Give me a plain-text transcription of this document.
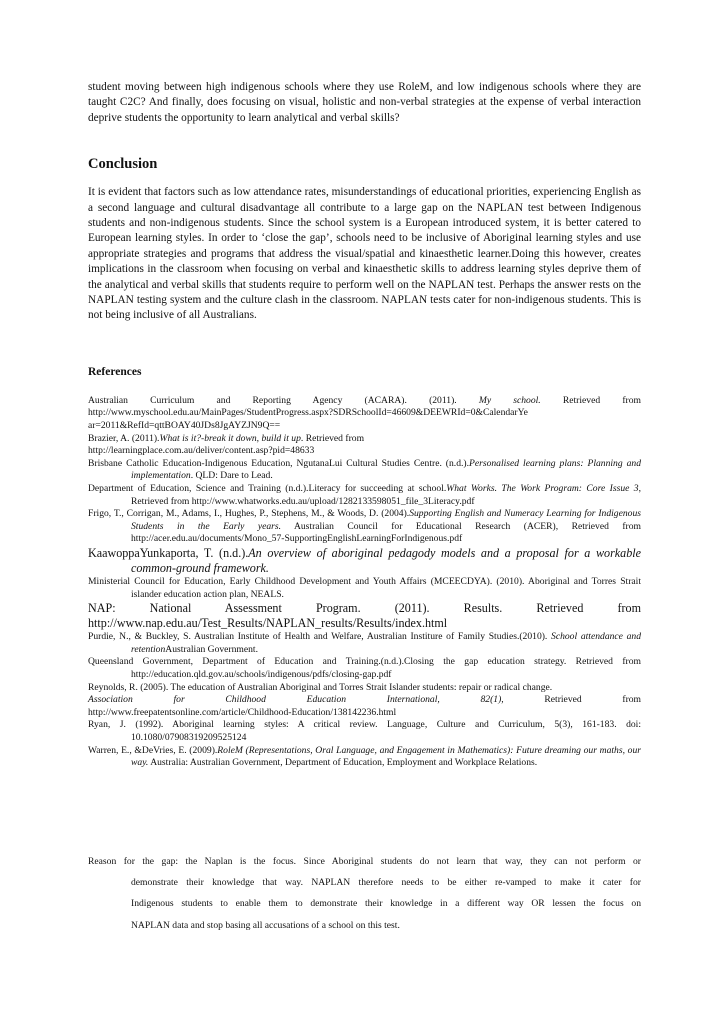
student moving between high indigenous schools where they use RoleM, and low indigenous schools where they are taught C2C? And finally, does focusing on visual, holistic and non-verbal strategies at the expense of verbal interaction deprive students the opportunity to learn analytical and verbal skills?

Conclusion

It is evident that factors such as low attendance rates, misunderstandings of educational priorities, experiencing English as a second language and cultural disadvantage all contribute to a large gap on the NAPLAN test between Indigenous students and non-indigenous students. Since the school system is a European introduced system, it is better catered to European learning styles. In order to ‘close the gap’, schools need to be inclusive of Aboriginal learning styles and use appropriate strategies and programs that address the visual/spatial and kinaesthetic learner.Doing this however, creates implications in the classroom when focusing on verbal and kinaesthetic skills to address learning styles deprive them of the analytical and verbal skills that students require to perform well on the NAPLAN test. Perhaps the answer rests on the NAPLAN testing system and the culture clash in the classroom. NAPLAN tests cater for non-indigenous students. This is not being inclusive of all Australians.

References

Australian Curriculum and Reporting Agency (ACARA). (2011). My school. Retrieved from
http://www.myschool.edu.au/MainPages/StudentProgress.aspx?SDRSchoolId=46609&DEEWRId=0&CalendarYe
ar=2011&RefId=qttBOAY40JDs8JgAYZJN9Q==
Brazier, A. (2011).What is it?-break it down, build it up. Retrieved from
http://learningplace.com.au/deliver/content.asp?pid=48633
Brisbane Catholic Education-Indigenous Education, NgutanaLui Cultural Studies Centre. (n.d.).Personalised learning plans: Planning and implementation. QLD: Dare to Lead.
Department of Education, Science and Training (n.d.).Literacy for succeeding at school.What Works. The Work Program: Core Issue 3, Retrieved from http://www.whatworks.edu.au/upload/1282133598051_file_3Literacy.pdf
Frigo, T., Corrigan, M., Adams, I., Hughes, P., Stephens, M., & Woods, D. (2004).Supporting English and Numeracy Learning for Indigenous Students in the Early years. Australian Council for Educational Research (ACER), Retrieved from http://acer.edu.au/documents/Mono_57-SupportingEnglishLearningForIndigenous.pdf
KaawoppaYunkaporta, T. (n.d.).An overview of aboriginal pedagody models and a proposal for a workable common-ground framework.
Ministerial Council for Education, Early Childhood Development and Youth Affairs (MCEECDYA). (2010). Aboriginal and Torres Strait islander education action plan, NEALS.
NAP:	National	Assessment	Program.	(2011).	Results.	Retrieved	from
http://www.nap.edu.au/Test_Results/NAPLAN_results/Results/index.html
Purdie, N., & Buckley, S. Australian Institute of Health and Welfare, Australian Institure of Family Studies.(2010). School attendance and retentionAustralian Government.
Queensland Government, Department of Education and Training.(n.d.).Closing the gap education strategy. Retrieved from http://education.qld.gov.au/schools/indigenous/pdfs/closing-gap.pdf
Reynolds, R. (2005). The education of Australian Aboriginal and Torres Strait Islander students: repair or radical change.
Association	for	Childhood	Education	International,	82(1),	Retrieved	from
http://www.freepatentsonline.com/article/Childhood-Education/138142236.html
Ryan, J. (1992). Aboriginal learning styles: A critical review. Language, Culture and Curriculum, 5(3), 161-183. doi: 10.1080/07908319209525124
Warren, E., &DeVries, E. (2009).RoleM (Representations, Oral Language, and Engagement in Mathematics): Future dreaming our maths, our way. Australia: Australian Government, Department of Education, Employment and Workplace Relations.
Reason for the gap: the Naplan is the focus. Since Aboriginal students do not learn that way, they can not perform or
demonstrate their knowledge that way. NAPLAN therefore needs to be either re-vamped to make it cater for
Indigenous students to enable them to demonstrate their knowledge in a different way OR lessen the focus on
NAPLAN data and stop basing all accusations of a school on this test.
